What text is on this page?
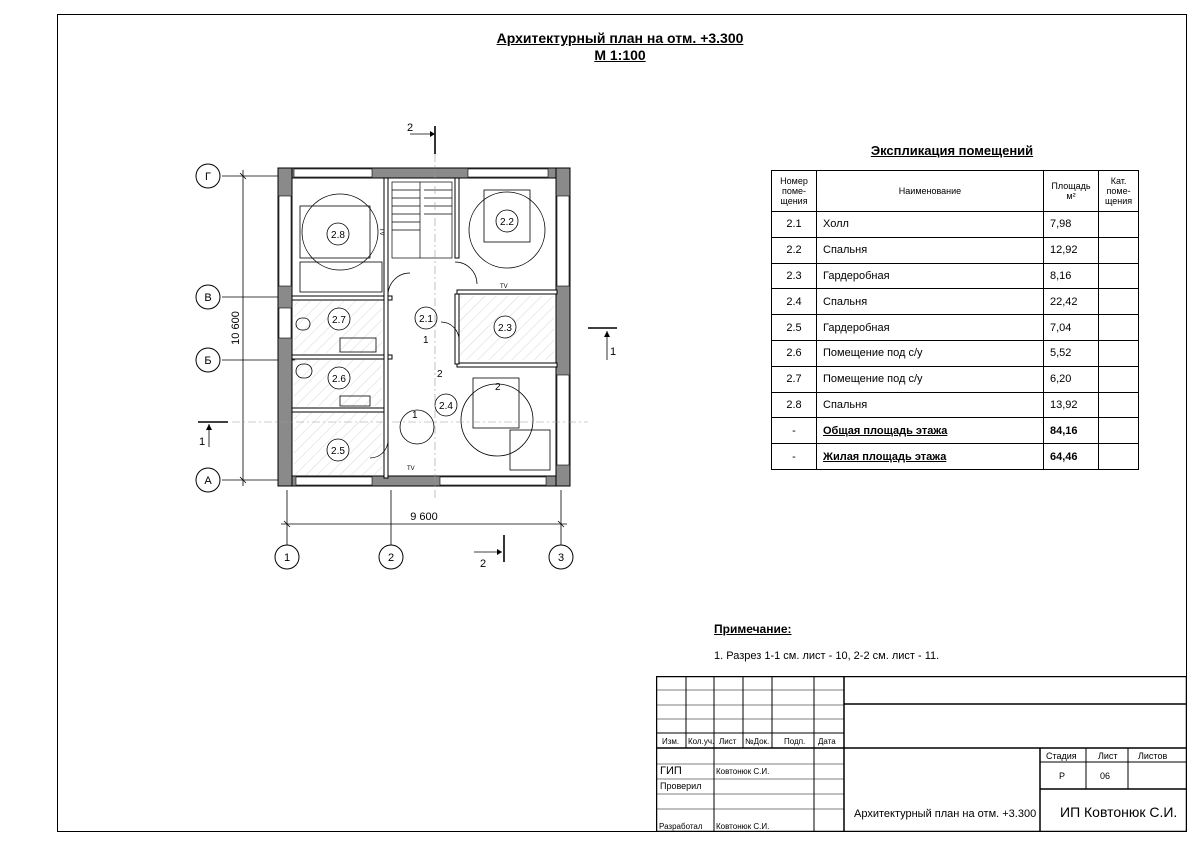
Архитектурный план на отм. +3.300
М 1:100
2.8
2.2
2.7	2.1
2.3
2.6
2.4
2.5
1
2
2
1
TV
TV
TV
Г
В
Б
А
1	2	3
9 600
10 600
2
2
1
1
Экспликация помещений
Номер поме-щения	Наименование	Площадь м²	Кат. поме-щения
2.1	Холл	7,98	
2.2	Спальня	12,92	
2.3	Гардеробная	8,16	
2.4	Спальня	22,42	
2.5	Гардеробная	7,04	
2.6	Помещение под с/у	5,52	
2.7	Помещение под с/у	6,20	
2.8	Спальня	13,92	
-	Общая площадь этажа	84,16	
-	Жилая площадь этажа	64,46	
Примечание:
1. Разрез 1-1 см. лист - 10, 2-2 см. лист - 11.
Изм. Кол.уч. Лист №Док. Подп. Дата
ГИП	Ковтонюк С.И.
Проверил
Разработал Ковтонюк С.И.
Стадия Лист Листов
Р	06
Архитектурный план на отм. +3.300 ИП Ковтонюк С.И.
